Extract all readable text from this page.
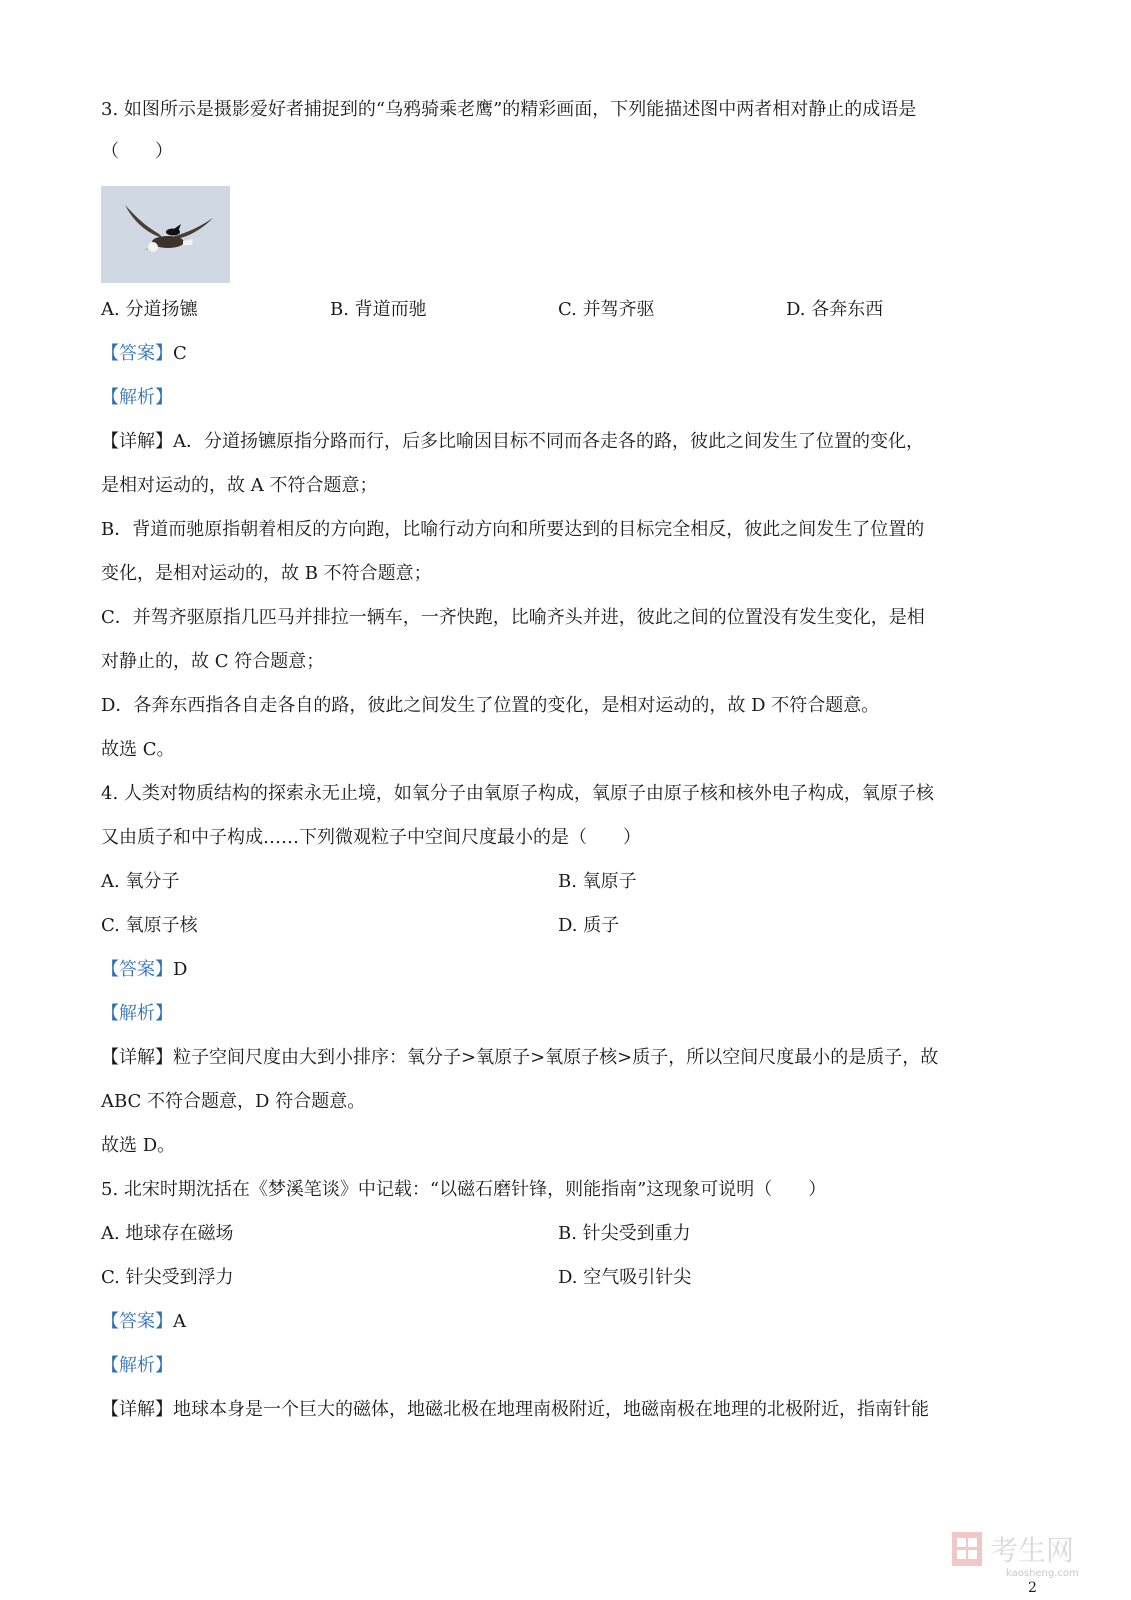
3. 如图所示是摄影爱好者捕捉到的“乌鸦骑乘老鹰”的精彩画面，下列能描述图中两者相对静止的成语是
（　　）
A. 分道扬镳	B. 背道而驰	C. 并驾齐驱	D. 各奔东西
【答案】C
【解析】
【详解】A．分道扬镳原指分路而行，后多比喻因目标不同而各走各的路，彼此之间发生了位置的变化，
是相对运动的，故 A 不符合题意；
B．背道而驰原指朝着相反的方向跑，比喻行动方向和所要达到的目标完全相反，彼此之间发生了位置的
变化，是相对运动的，故 B 不符合题意；
C．并驾齐驱原指几匹马并排拉一辆车，一齐快跑，比喻齐头并进，彼此之间的位置没有发生变化，是相
对静止的，故 C 符合题意；
D．各奔东西指各自走各自的路，彼此之间发生了位置的变化，是相对运动的，故 D 不符合题意。
故选 C。
4. 人类对物质结构的探索永无止境，如氧分子由氧原子构成，氧原子由原子核和核外电子构成，氧原子核
又由质子和中子构成……下列微观粒子中空间尺度最小的是（　　）
A. 氧分子	B. 氧原子
C. 氧原子核	D. 质子
【答案】D
【解析】
【详解】粒子空间尺度由大到小排序：氧分子>氧原子>氧原子核>质子，所以空间尺度最小的是质子，故
ABC 不符合题意，D 符合题意。
故选 D。
5. 北宋时期沈括在《梦溪笔谈》中记载：“以磁石磨针锋，则能指南”这现象可说明（　　）
A. 地球存在磁场	B. 针尖受到重力
C. 针尖受到浮力	D. 空气吸引针尖
【答案】A
【解析】
【详解】地球本身是一个巨大的磁体，地磁北极在地理南极附近，地磁南极在地理的北极附近，指南针能
考生网
kaosheng.com
2
